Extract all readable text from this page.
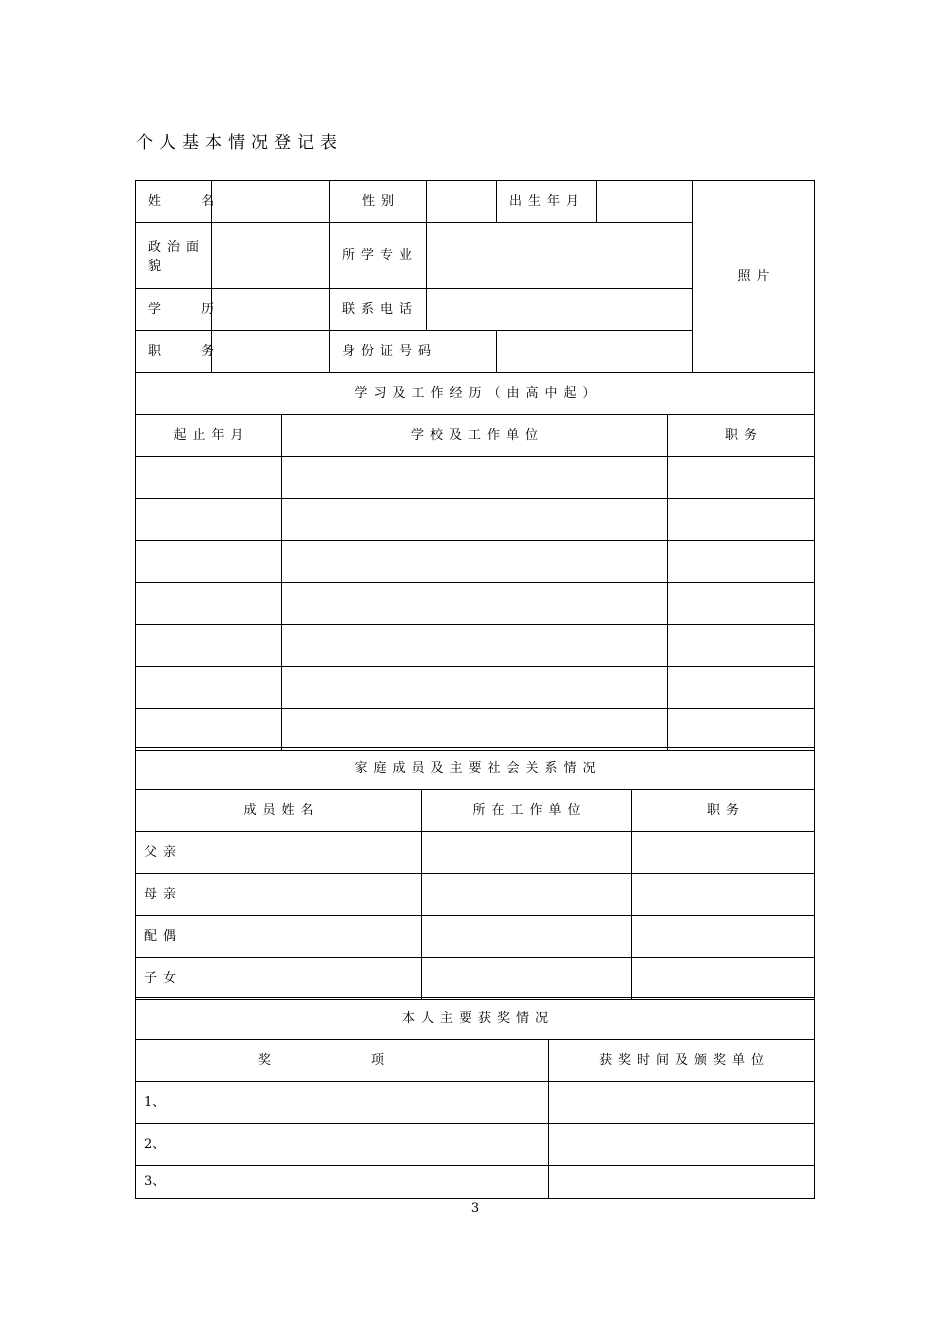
个人基本情况登记表
姓 名		性别		出生年月		照片
政治面貌		所学专业				
学 历		联系电话				
职 务		身份证号码				
学习及工作经历（由高中起）		
起止年月	学校及工作单位	职务

家庭成员及主要社会关系情况		
成员姓名	所在工作单位	职务
父亲		
母亲		
配偶		
子女		
本人主要获奖情况	
奖 项	获奖时间及颁奖单位
1、	
2、	
3、	
3
